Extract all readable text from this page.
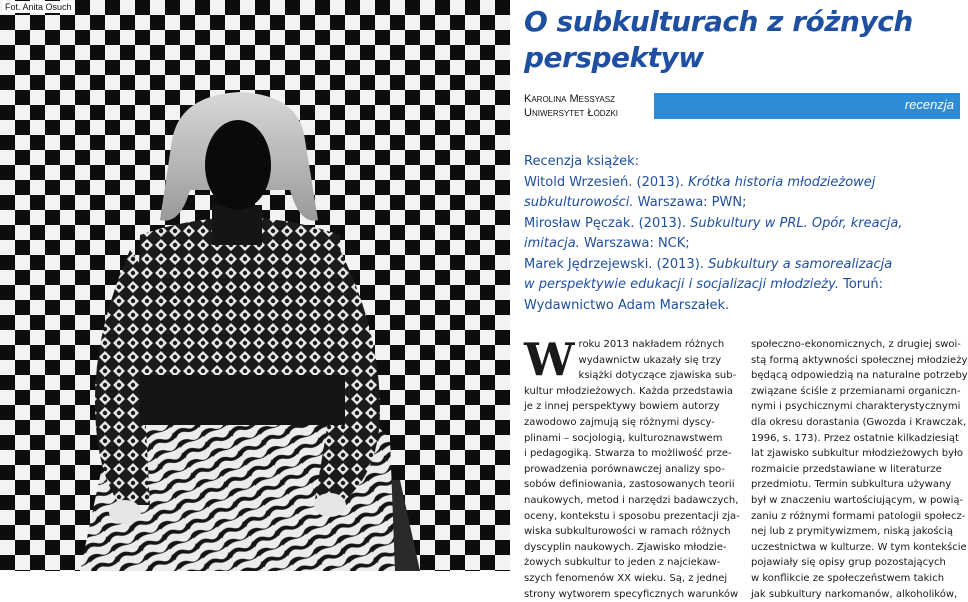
Fot. Anita Osuch	O subkulturach z różnych perspektyw
Karolina Messyasz
Uniwersytet Łódzki
recenzja
Recenzja książek:
Witold Wrzesień. (2013). Krótka historia młodzieżowej
subkulturowości. Warszawa: PWN;
Mirosław Pęczak. (2013). Subkultury w PRL. Opór, kreacja,
imitacja. Warszawa: NCK;
Marek Jędrzejewski. (2013). Subkultury a samorealizacja
w perspektywie edukacji i socjalizacji młodzieży. Toruń:
Wydawnictwo Adam Marszałek.
W roku 2013 nakładem różnych
wydawnictw ukazały się trzy
książki dotyczące zjawiska sub-
kultur młodzieżowych. Każda przedstawia
je z innej perspektywy bowiem autorzy
zawodowo zajmują się różnymi dyscy-
plinami – socjologią, kulturoznawstwem
i pedagogiką. Stwarza to możliwość prze-
prowadzenia porównawczej analizy spo-
sobów definiowania, zastosowanych teorii
naukowych, metod i narzędzi badawczych,
oceny, kontekstu i sposobu prezentacji zja-
wiska subkulturowości w ramach różnych
dyscyplin naukowych. Zjawisko młodzie-
żowych subkultur to jeden z najciekaw-
szych fenomenów XX wieku. Są, z jednej
strony wytworem specyficznych warunków

społeczno-ekonomicznych, z drugiej swoi-
stą formą aktywności społecznej młodzieży
będącą odpowiedzią na naturalne potrzeby
związane ściśle z przemianami organiczn-
nymi i psychicznymi charakterystycznymi
dla okresu dorastania (Gwozda i Krawczak,
1996, s. 173). Przez ostatnie kilkadziesiąt
lat zjawisko subkultur młodzieżowych było
rozmaicie przedstawiane w literaturze
przedmiotu. Termin subkultura używany
był w znaczeniu wartościującym, w powią-
zaniu z różnymi formami patologii społecz-
nej lub z prymitywizmem, niską jakością
uczestnictwa w kulturze. W tym kontekście
pojawiały się opisy grup pozostających
w konflikcie ze społeczeństwem takich
jak subkultury narkomanów, alkoholików,
